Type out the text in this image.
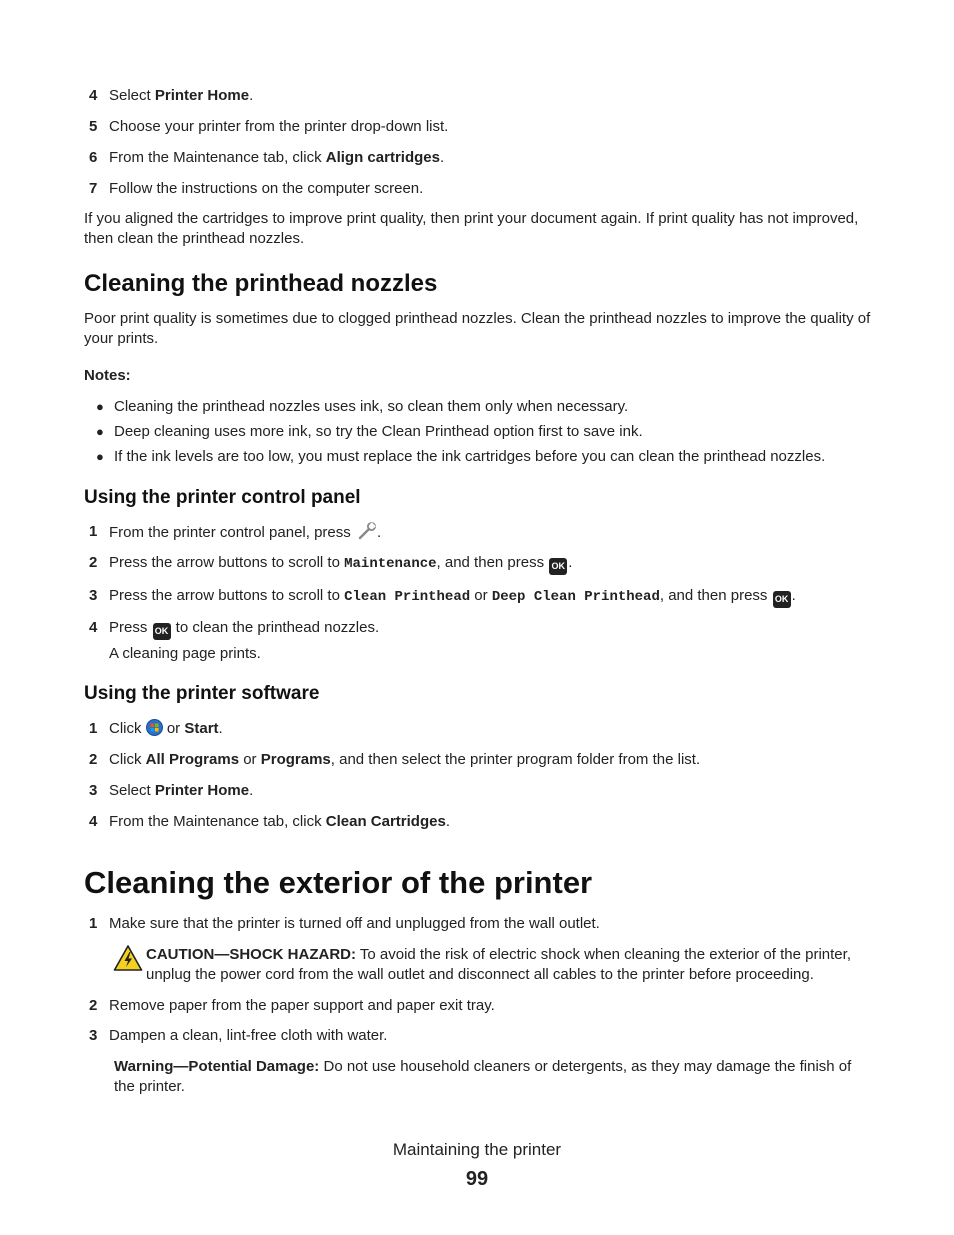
4 Select Printer Home.
5 Choose your printer from the printer drop-down list.
6 From the Maintenance tab, click Align cartridges.
7 Follow the instructions on the computer screen.
If you aligned the cartridges to improve print quality, then print your document again. If print quality has not improved, then clean the printhead nozzles.
Cleaning the printhead nozzles
Poor print quality is sometimes due to clogged printhead nozzles. Clean the printhead nozzles to improve the quality of your prints.
Notes:
● Cleaning the printhead nozzles uses ink, so clean them only when necessary.
● Deep cleaning uses more ink, so try the Clean Printhead option first to save ink.
● If the ink levels are too low, you must replace the ink cartridges before you can clean the printhead nozzles.
Using the printer control panel
1 From the printer control panel, press .
2 Press the arrow buttons to scroll to Maintenance, and then press OK .
3 Press the arrow buttons to scroll to Clean Printhead or Deep Clean Printhead, and then press OK .
4 Press OK to clean the printhead nozzles.
A cleaning page prints.
Using the printer software
1 Click  or Start.
2 Click All Programs or Programs, and then select the printer program folder from the list.
3 Select Printer Home.
4 From the Maintenance tab, click Clean Cartridges.
Cleaning the exterior of the printer
1 Make sure that the printer is turned off and unplugged from the wall outlet.
CAUTION—SHOCK HAZARD: To avoid the risk of electric shock when cleaning the exterior of the printer,
unplug the power cord from the wall outlet and disconnect all cables to the printer before proceeding.
2 Remove paper from the paper support and paper exit tray.
3 Dampen a clean, lint-free cloth with water.
Warning—Potential Damage: Do not use household cleaners or detergents, as they may damage the finish of
the printer.
Maintaining the printer
99
